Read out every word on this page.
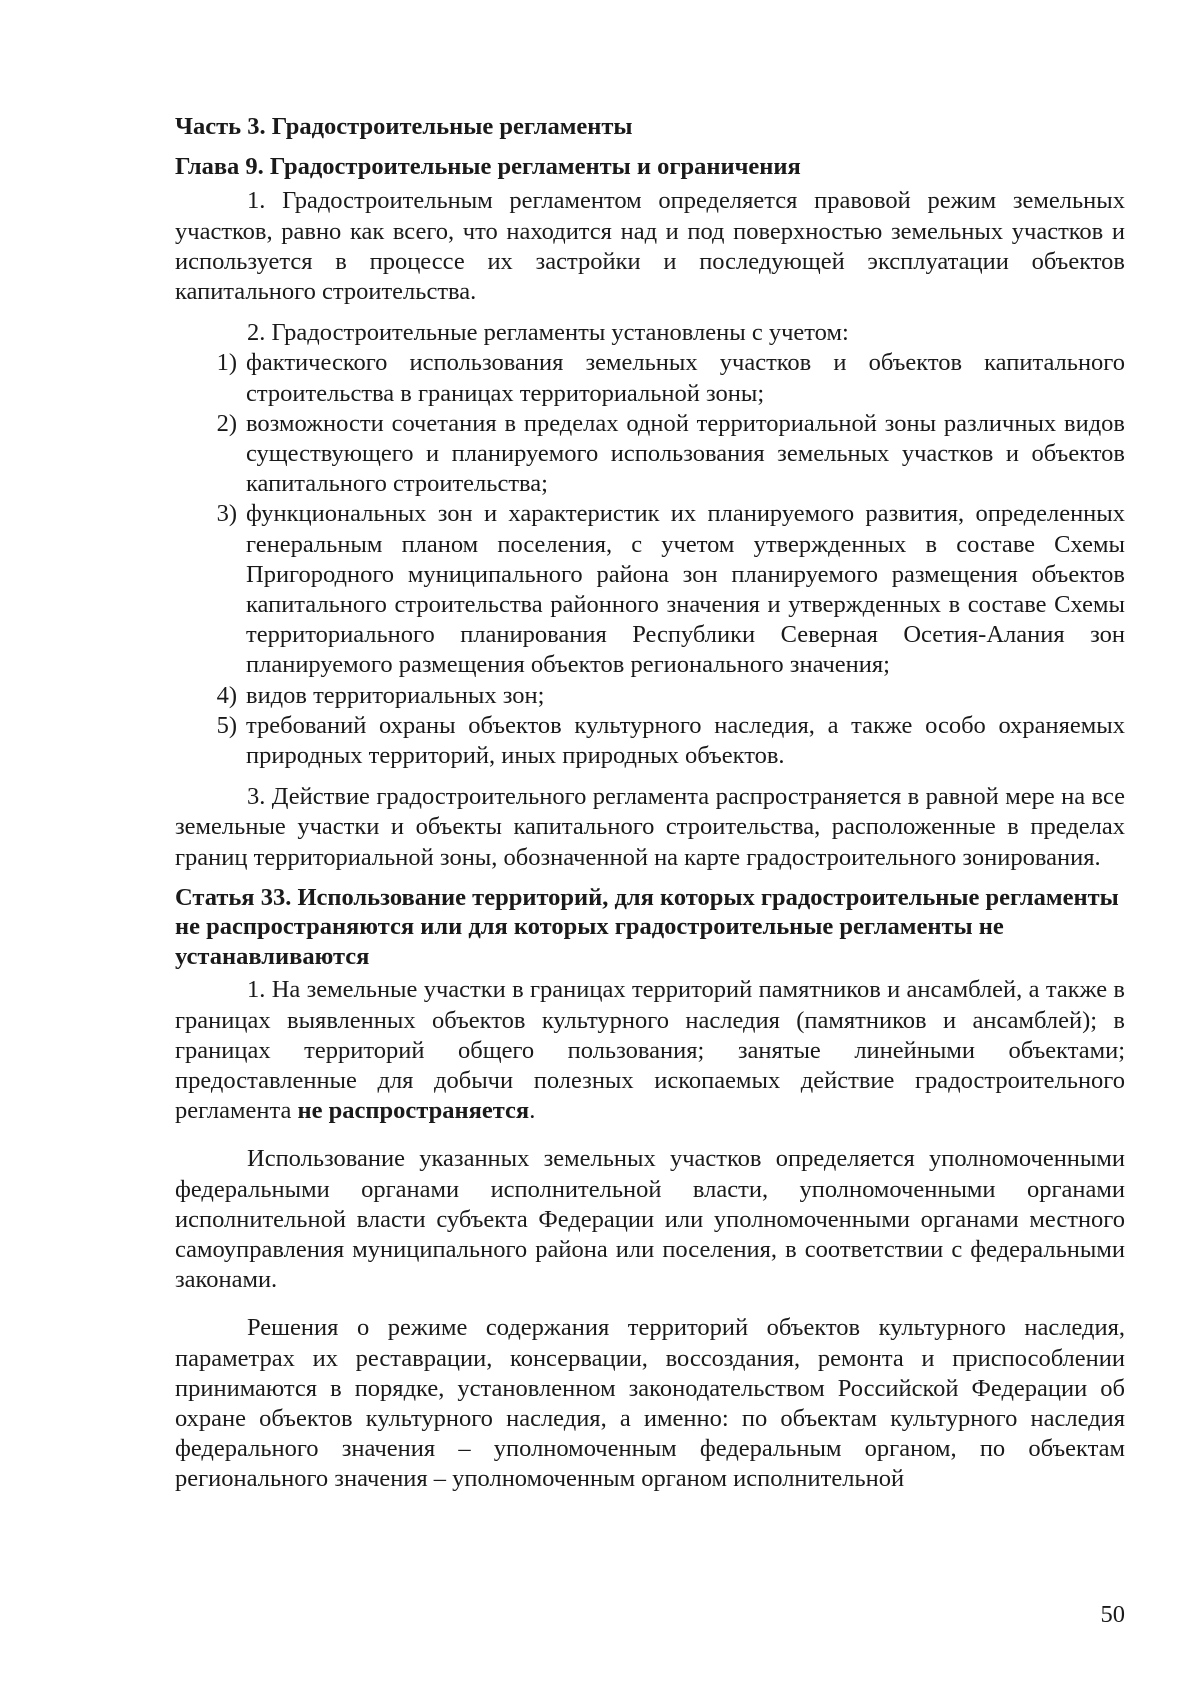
Часть 3. Градостроительные регламенты

Глава 9. Градостроительные регламенты и ограничения

1. Градостроительным регламентом определяется правовой режим земельных участков, равно как всего, что находится над и под поверхностью земельных участков и используется в процессе их застройки и последующей эксплуатации объектов капитального строительства.

2. Градостроительные регламенты установлены с учетом:

1) фактического использования земельных участков и объектов капитального строительства в границах территориальной зоны;
2) возможности сочетания в пределах одной территориальной зоны различных видов существующего и планируемого использования земельных участков и объектов капитального строительства;
3) функциональных зон и характеристик их планируемого развития, определенных генеральным планом поселения, с учетом утвержденных в составе Схемы Пригородного муниципального района зон планируемого размещения объектов капитального строительства районного значения и утвержденных в составе Схемы территориального планирования Республики Северная Осетия-Алания зон планируемого размещения объектов регионального значения;
4) видов территориальных зон;
5) требований охраны объектов культурного наследия, а также особо охраняемых природных территорий, иных природных объектов.

3. Действие градостроительного регламента распространяется в равной мере на все земельные участки и объекты капитального строительства, расположенные в пределах границ территориальной зоны, обозначенной на карте градостроительного зонирования.

Статья 33. Использование территорий, для которых градостроительные регламенты не распространяются или для которых градостроительные регламенты не устанавливаются

1. На земельные участки в границах территорий памятников и ансамблей, а также в границах выявленных объектов культурного наследия (памятников и ансамблей); в границах территорий общего пользования; занятые линейными объектами; предоставленные для добычи полезных ископаемых действие градостроительного регламента не распространяется.

Использование указанных земельных участков определяется уполномоченными федеральными органами исполнительной власти, уполномоченными органами исполнительной власти субъекта Федерации или уполномоченными органами местного самоуправления муниципального района или поселения, в соответствии с федеральными законами.

Решения о режиме содержания территорий объектов культурного наследия, параметрах их реставрации, консервации, воссоздания, ремонта и приспособлении принимаются в порядке, установленном законодательством Российской Федерации об охране объектов культурного наследия, а именно: по объектам культурного наследия федерального значения – уполномоченным федеральным органом, по объектам регионального значения – уполномоченным органом исполнительной

50
